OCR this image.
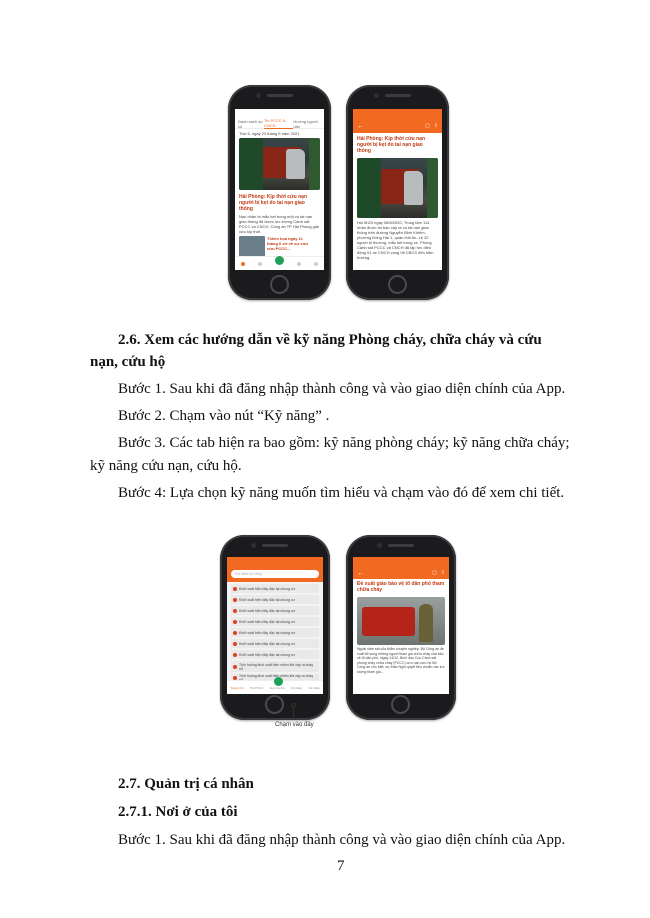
Danh sách sự cố
Tin PCCC & CNCH
Hướng người dân
Thứ 6, ngày 23 tháng 6 năm 2021
Hải Phòng: Kịp thời cứu nạn người bị kẹt do tai nạn giao thông
Nạn nhân bị mắc kẹt trong một vụ tai nạn giao thông đã được lực lượng Cảnh sát PCCC và CNCH, Công an TP Hải Phòng giải cứu kịp thời.
Thiêm họa ngày 11 tháng 6 xử về sự cứu cứu PCCC...
←	▢ ⇪
Hải Phòng: Kịp thời cứu nạn người bị kẹt do tai nạn giao thông
Hồi 8h23 ngày 08/6/2020, Trung tâm 114 nhận được tin báo xảy ra vụ tai nạn giao thông trên đường Nguyễn Bỉnh Khiêm, phường Đông Hải 1, quận Hải An. Lệ 32 người bị thương, mắc kẹt trong xe. Phòng Cảnh sát PCCC và CNCH đã lập tức điều động 01 xe CNCH cùng 06 CBCS đến hiện trường.
2.6. Xem các hướng dẫn về kỹ năng Phòng cháy, chữa cháy và cứu
nạn, cứu hộ
Bước 1. Sau khi đã đăng nhập thành công và vào giao diện chính của App.
Bước 2. Chạm vào nút “Kỹ năng” .
Bước 3. Các tab hiện ra bao gồm: kỹ năng phòng cháy; kỹ năng chữa cháy;
kỹ năng cứu nạn, cứu hộ.
Bước 4: Lựa chọn kỹ năng muốn tìm hiểu và chạm vào đó để xem chi tiết.
Tìm kiếm kỹ năng
Khởi xuất hiện đây đặc tại chung cư
Khởi xuất hiện đây đặc tại chung cư
Khởi xuất hiện đây đặc tại chung cư
Khởi xuất hiện đây đặc tại chung cư
Khởi xuất hiện đây đặc tại chung cư
Khởi xuất hiện đây đặc tại chung cư
Khởi xuất hiện đây đặc tại chung cư
Tình huống khói xuất hiện nhiều khi xảy ra cháy nổ
Tình huống khói xuất hiện nhiều khi xảy ra cháy
Trang chủ Tin PCCC Gọi cứu hộ Kỹ năng Cá nhân
Chạm vào đây
←	▢ ⇪
Đề xuất giáo báo vệ tổ dân phố tham chữa cháy
Ngoài năm sát của thẩm chuyên nghiệp, Bộ Công an đề xuất bổ sung những người tham gia chữa cháy của bảo vệ tổ dân phố. Ngày 14/12, Bình đạo Cục Cảnh sát phòng cháy chữa cháy (PCCC) cứu nạn cứu hộ Bộ Công an cho biết, dự thảo Nghị quyết tiêu chuẩn các lực lượng tham gia...
2.7. Quản trị cá nhân
2.7.1. Nơi ở của tôi
Bước 1. Sau khi đã đăng nhập thành công và vào giao diện chính của App.
7
